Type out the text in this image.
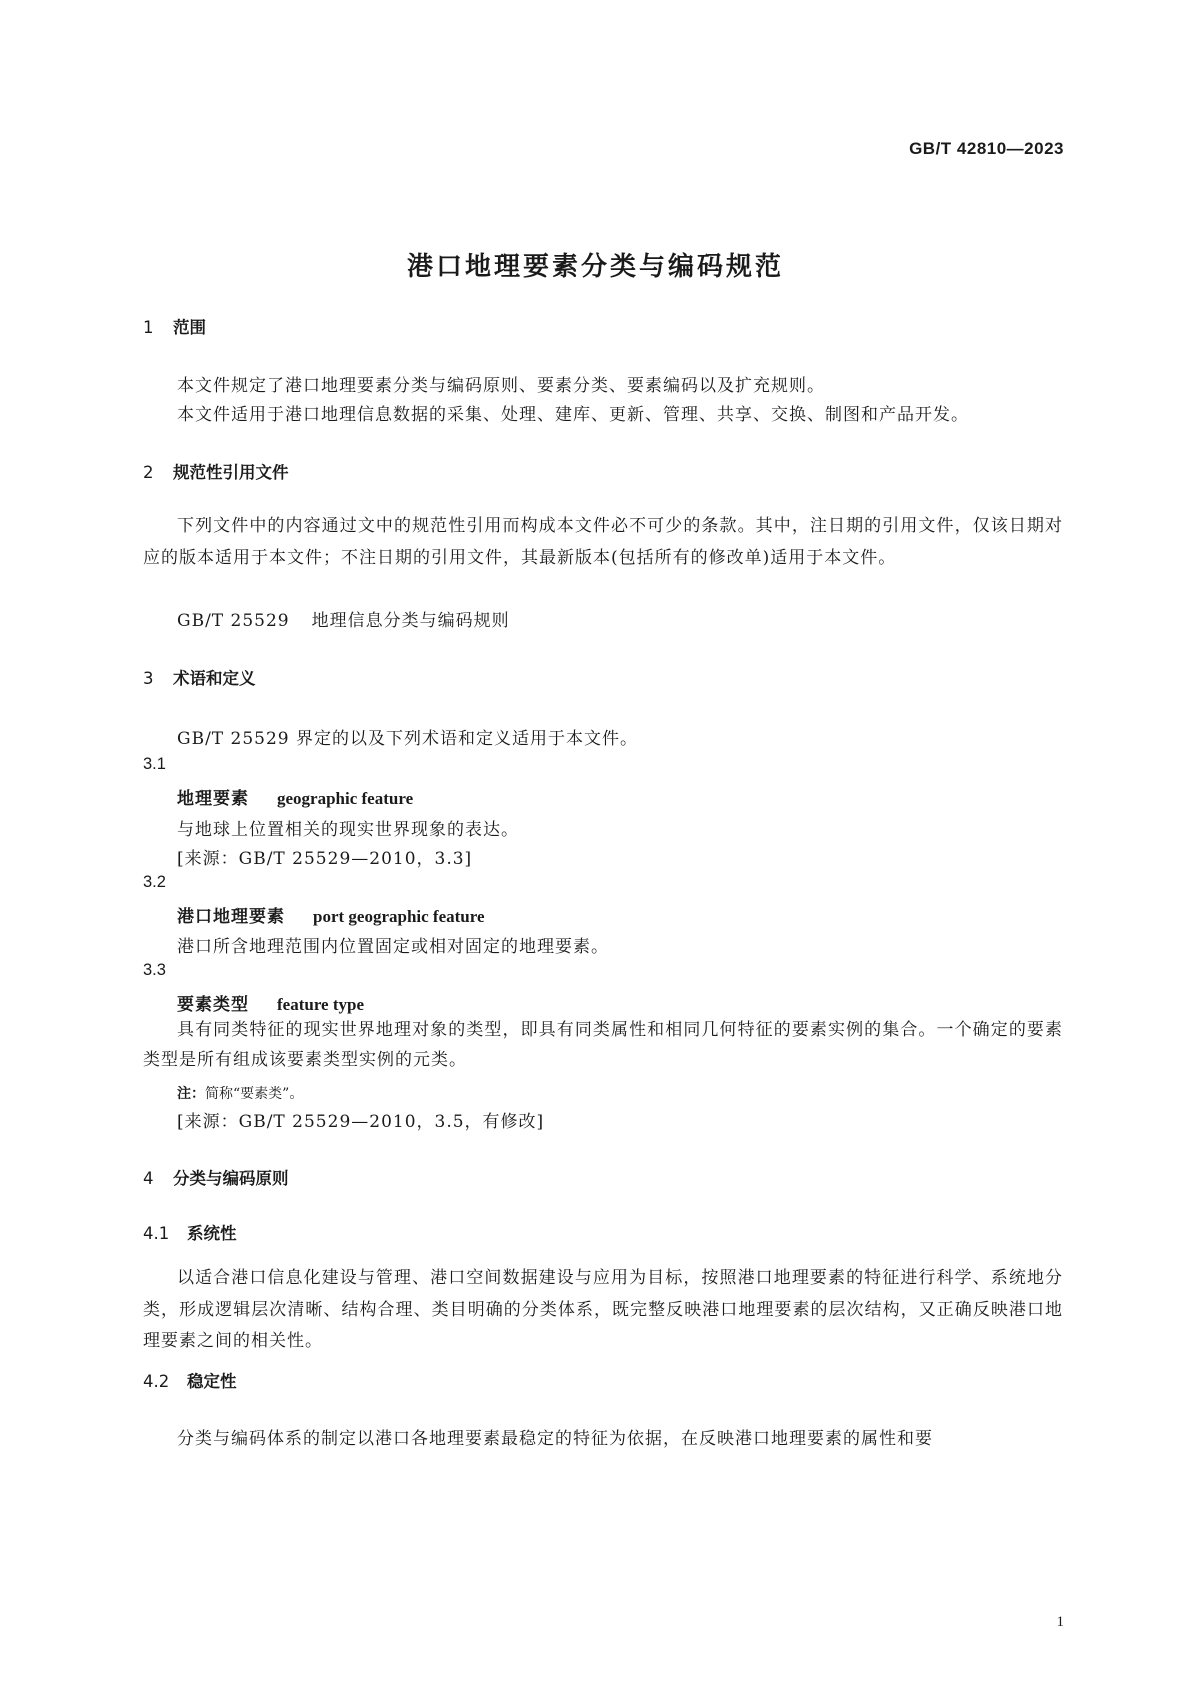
GB/T 42810—2023
港口地理要素分类与编码规范
1 范围
本文件规定了港口地理要素分类与编码原则、要素分类、要素编码以及扩充规则。
本文件适用于港口地理信息数据的采集、处理、建库、更新、管理、共享、交换、制图和产品开发。
2 规范性引用文件

下列文件中的内容通过文中的规范性引用而构成本文件必不可少的条款。其中，注日期的引用文件，仅该日期对应的版本适用于本文件；不注日期的引用文件，其最新版本(包括所有的修改单)适用于本文件。

GB/T 25529 地理信息分类与编码规则
3 术语和定义
GB/T 25529 界定的以及下列术语和定义适用于本文件。
3.1
地理要素 geographic feature
与地球上位置相关的现实世界现象的表达。
[来源：GB/T 25529—2010，3.3]
3.2
港口地理要素 port geographic feature
港口所含地理范围内位置固定或相对固定的地理要素。
3.3
要素类型 feature type

具有同类特征的现实世界地理对象的类型，即具有同类属性和相同几何特征的要素实例的集合。一个确定的要素类型是所有组成该要素类型实例的元类。

注：简称“要素类”。
[来源：GB/T 25529—2010，3.5，有修改]
4 分类与编码原则
4.1 系统性

以适合港口信息化建设与管理、港口空间数据建设与应用为目标，按照港口地理要素的特征进行科学、系统地分类，形成逻辑层次清晰、结构合理、类目明确的分类体系，既完整反映港口地理要素的层次结构，又正确反映港口地理要素之间的相关性。

4.2 稳定性
分类与编码体系的制定以港口各地理要素最稳定的特征为依据，在反映港口地理要素的属性和要
1
